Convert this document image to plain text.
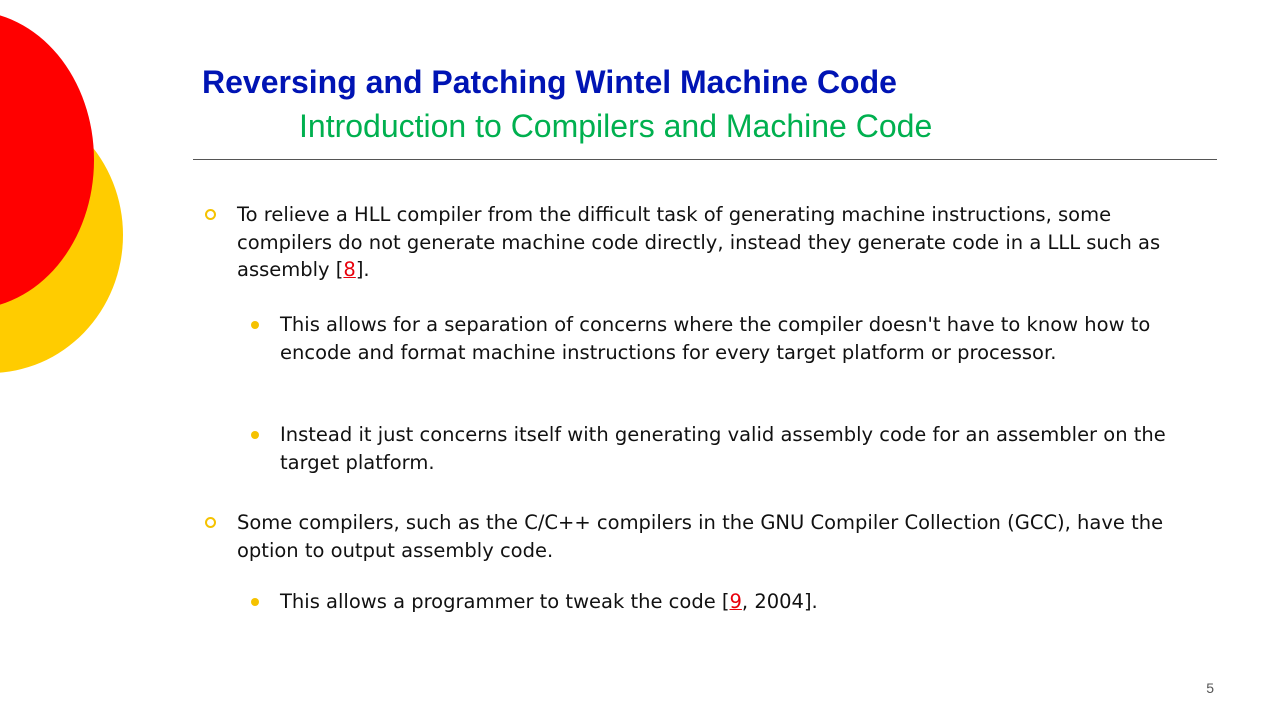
Reversing and Patching Wintel Machine Code
Introduction to Compilers and Machine Code
To relieve a HLL compiler from the difficult task of generating machine instructions, some compilers do not generate machine code directly, instead they generate code in a LLL such as assembly [8].
This allows for a separation of concerns where the compiler doesn't have to know how to encode and format machine instructions for every target platform or processor.
Instead it just concerns itself with generating valid assembly code for an assembler on the target platform.
Some compilers, such as the C/C++ compilers in the GNU Compiler Collection (GCC), have the option to output assembly code.
This allows a programmer to tweak the code [9, 2004].
5
